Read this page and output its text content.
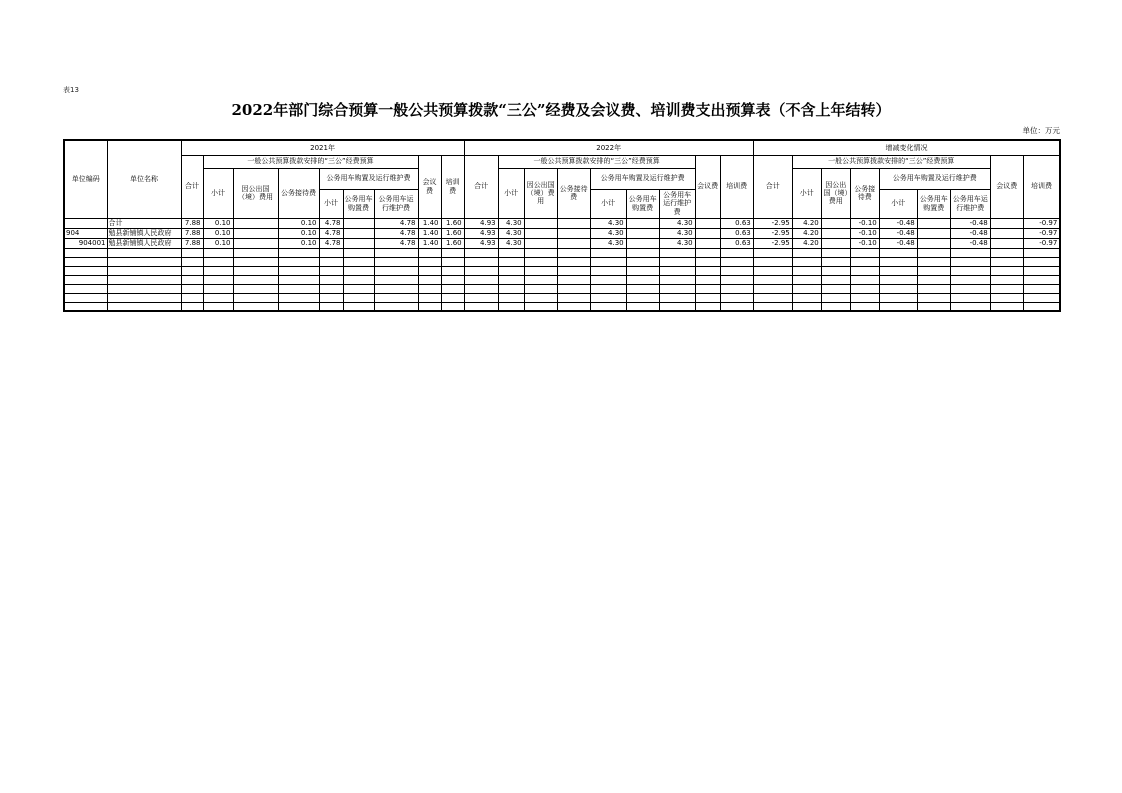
表13
2022年部门综合预算一般公共预算拨款“三公”经费及会议费、培训费支出预算表（不含上年结转）
单位：万元
单位编码	单位名称	2021年									2022年									增减变化情况								
		合计	一般公共预算拨款安排的“三公”经费预算						会议费	培训费	合计	一般公共预算拨款安排的“三公”经费预算						会议费	培训费	合计	一般公共预算拨款安排的“三公”经费预算						会议费	培训费
			小计	因公出国（境）费用	公务接待费	公务用车购置及运行维护费						小计	因公出国（境）费用	公务接待费	公务用车购置及运行维护费						小计	因公出国（境）费用	公务接待费	公务用车购置及运行维护费				
						小计	公务用车购置费	公务用车运行维护费							小计	公务用车购置费	公务用车运行维护费							小计	公务用车购置费	公务用车运行维护费		
	合计	7.88	0.10		0.10	4.78		4.78	1.40	1.60	4.93	4.30			4.30		4.30		0.63	-2.95	4.20		-0.10	-0.48		-0.48		-0.97
904	勉县新铺镇人民政府	7.88	0.10		0.10	4.78		4.78	1.40	1.60	4.93	4.30			4.30		4.30		0.63	-2.95	4.20		-0.10	-0.48		-0.48		-0.97
904001	勉县新铺镇人民政府	7.88	0.10		0.10	4.78		4.78	1.40	1.60	4.93	4.30			4.30		4.30		0.63	-2.95	4.20		-0.10	-0.48		-0.48		-0.97
